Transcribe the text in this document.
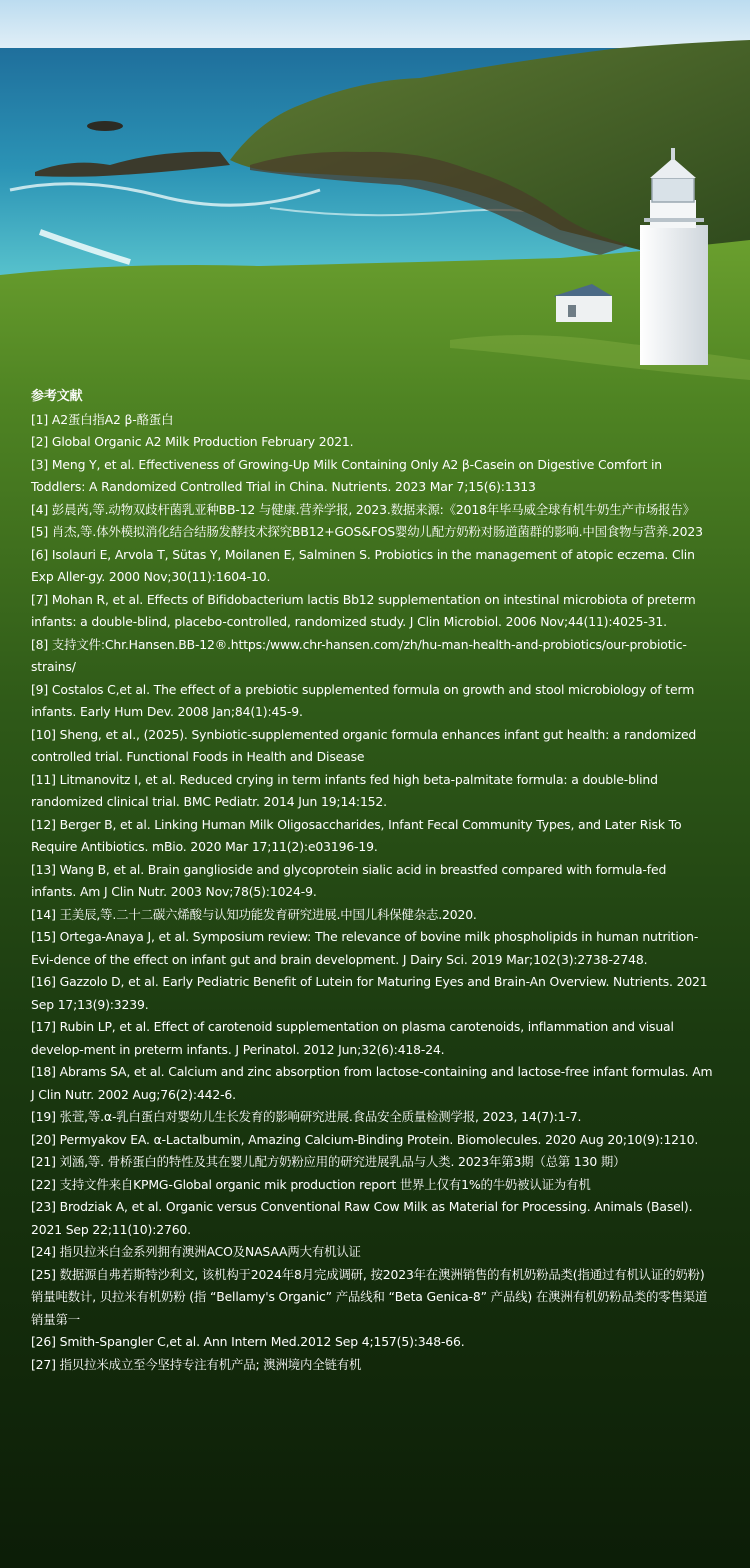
参考文献

[1] A2蛋白指A2 β-酪蛋白

[2] Global Organic A2 Milk Production February 2021.

[3] Meng Y, et al. Effectiveness of Growing-Up Milk Containing Only A2 β-Casein on Digestive Comfort in Toddlers: A Randomized Controlled Trial in China. Nutrients. 2023 Mar 7;15(6):1313

[4] 彭晨芮,等.动物双歧杆菌乳亚种BB-12 与健康.营养学报, 2023.数据来源:《2018年毕马威全球有机牛奶生产市场报告》

[5] 肖杰,等.体外模拟消化结合结肠发酵技术探究BB12+GOS&FOS婴幼儿配方奶粉对肠道菌群的影响.中国食物与营养.2023

[6] Isolauri E, Arvola T, Sütas Y, Moilanen E, Salminen S. Probiotics in the management of atopic eczema. Clin Exp Aller-gy. 2000 Nov;30(11):1604-10.

[7] Mohan R, et al. Effects of Bifidobacterium lactis Bb12 supplementation on intestinal microbiota of preterm infants: a double-blind, placebo-controlled, randomized study. J Clin Microbiol. 2006 Nov;44(11):4025-31.

[8] 支持文件:Chr.Hansen.BB-12®.https:/www.chr-hansen.com/zh/hu-man-health-and-probiotics/our-probiotic-strains/

[9] Costalos C,et al. The effect of a prebiotic supplemented formula on growth and stool microbiology of term infants. Early Hum Dev. 2008 Jan;84(1):45-9.

[10] Sheng, et al., (2025). Synbiotic-supplemented organic formula enhances infant gut health: a randomized controlled trial. Functional Foods in Health and Disease

[11] Litmanovitz I, et al. Reduced crying in term infants fed high beta-palmitate formula: a double-blind randomized clinical trial. BMC Pediatr. 2014 Jun 19;14:152.

[12] Berger B, et al. Linking Human Milk Oligosaccharides, Infant Fecal Community Types, and Later Risk To Require Antibiotics. mBio. 2020 Mar 17;11(2):e03196-19.

[13] Wang B, et al. Brain ganglioside and glycoprotein sialic acid in breastfed compared with formula-fed infants. Am J Clin Nutr. 2003 Nov;78(5):1024-9.

[14] 王美辰,等.二十二碳六烯酸与认知功能发育研究进展.中国儿科保健杂志.2020.

[15] Ortega-Anaya J, et al. Symposium review: The relevance of bovine milk phospholipids in human nutrition-Evi-dence of the effect on infant gut and brain development. J Dairy Sci. 2019 Mar;102(3):2738-2748.

[16] Gazzolo D, et al. Early Pediatric Benefit of Lutein for Maturing Eyes and Brain-An Overview. Nutrients. 2021 Sep 17;13(9):3239.

[17] Rubin LP, et al. Effect of carotenoid supplementation on plasma carotenoids, inflammation and visual develop-ment in preterm infants. J Perinatol. 2012 Jun;32(6):418-24.

[18] Abrams SA, et al. Calcium and zinc absorption from lactose-containing and lactose-free infant formulas. Am J Clin Nutr. 2002 Aug;76(2):442-6.

[19] 张萱,等.α-乳白蛋白对婴幼儿生长发育的影响研究进展.食品安全质量检测学报, 2023, 14(7):1-7.

[20] Permyakov EA. α-Lactalbumin, Amazing Calcium-Binding Protein. Biomolecules. 2020 Aug 20;10(9):1210.

[21] 刘涵,等. 骨桥蛋白的特性及其在婴儿配方奶粉应用的研究进展乳品与人类. 2023年第3期（总第 130 期）

[22] 支持文件来自KPMG-Global organic mik production report 世界上仅有1%的牛奶被认证为有机

[23] Brodziak A, et al. Organic versus Conventional Raw Cow Milk as Material for Processing. Animals (Basel). 2021 Sep 22;11(10):2760.

[24] 指贝拉米白金系列拥有澳洲ACO及NASAA两大有机认证

[25] 数据源自弗若斯特沙利文, 该机构于2024年8月完成调研, 按2023年在澳洲销售的有机奶粉品类(指通过有机认证的奶粉)销量吨数计, 贝拉米有机奶粉 (指 “Bellamy's Organic” 产品线和 “Beta Genica-8” 产品线) 在澳洲有机奶粉品类的零售渠道销量第一

[26] Smith-Spangler C,et al. Ann Intern Med.2012 Sep 4;157(5):348-66.

[27] 指贝拉米成立至今坚持专注有机产品; 澳洲境内全链有机
